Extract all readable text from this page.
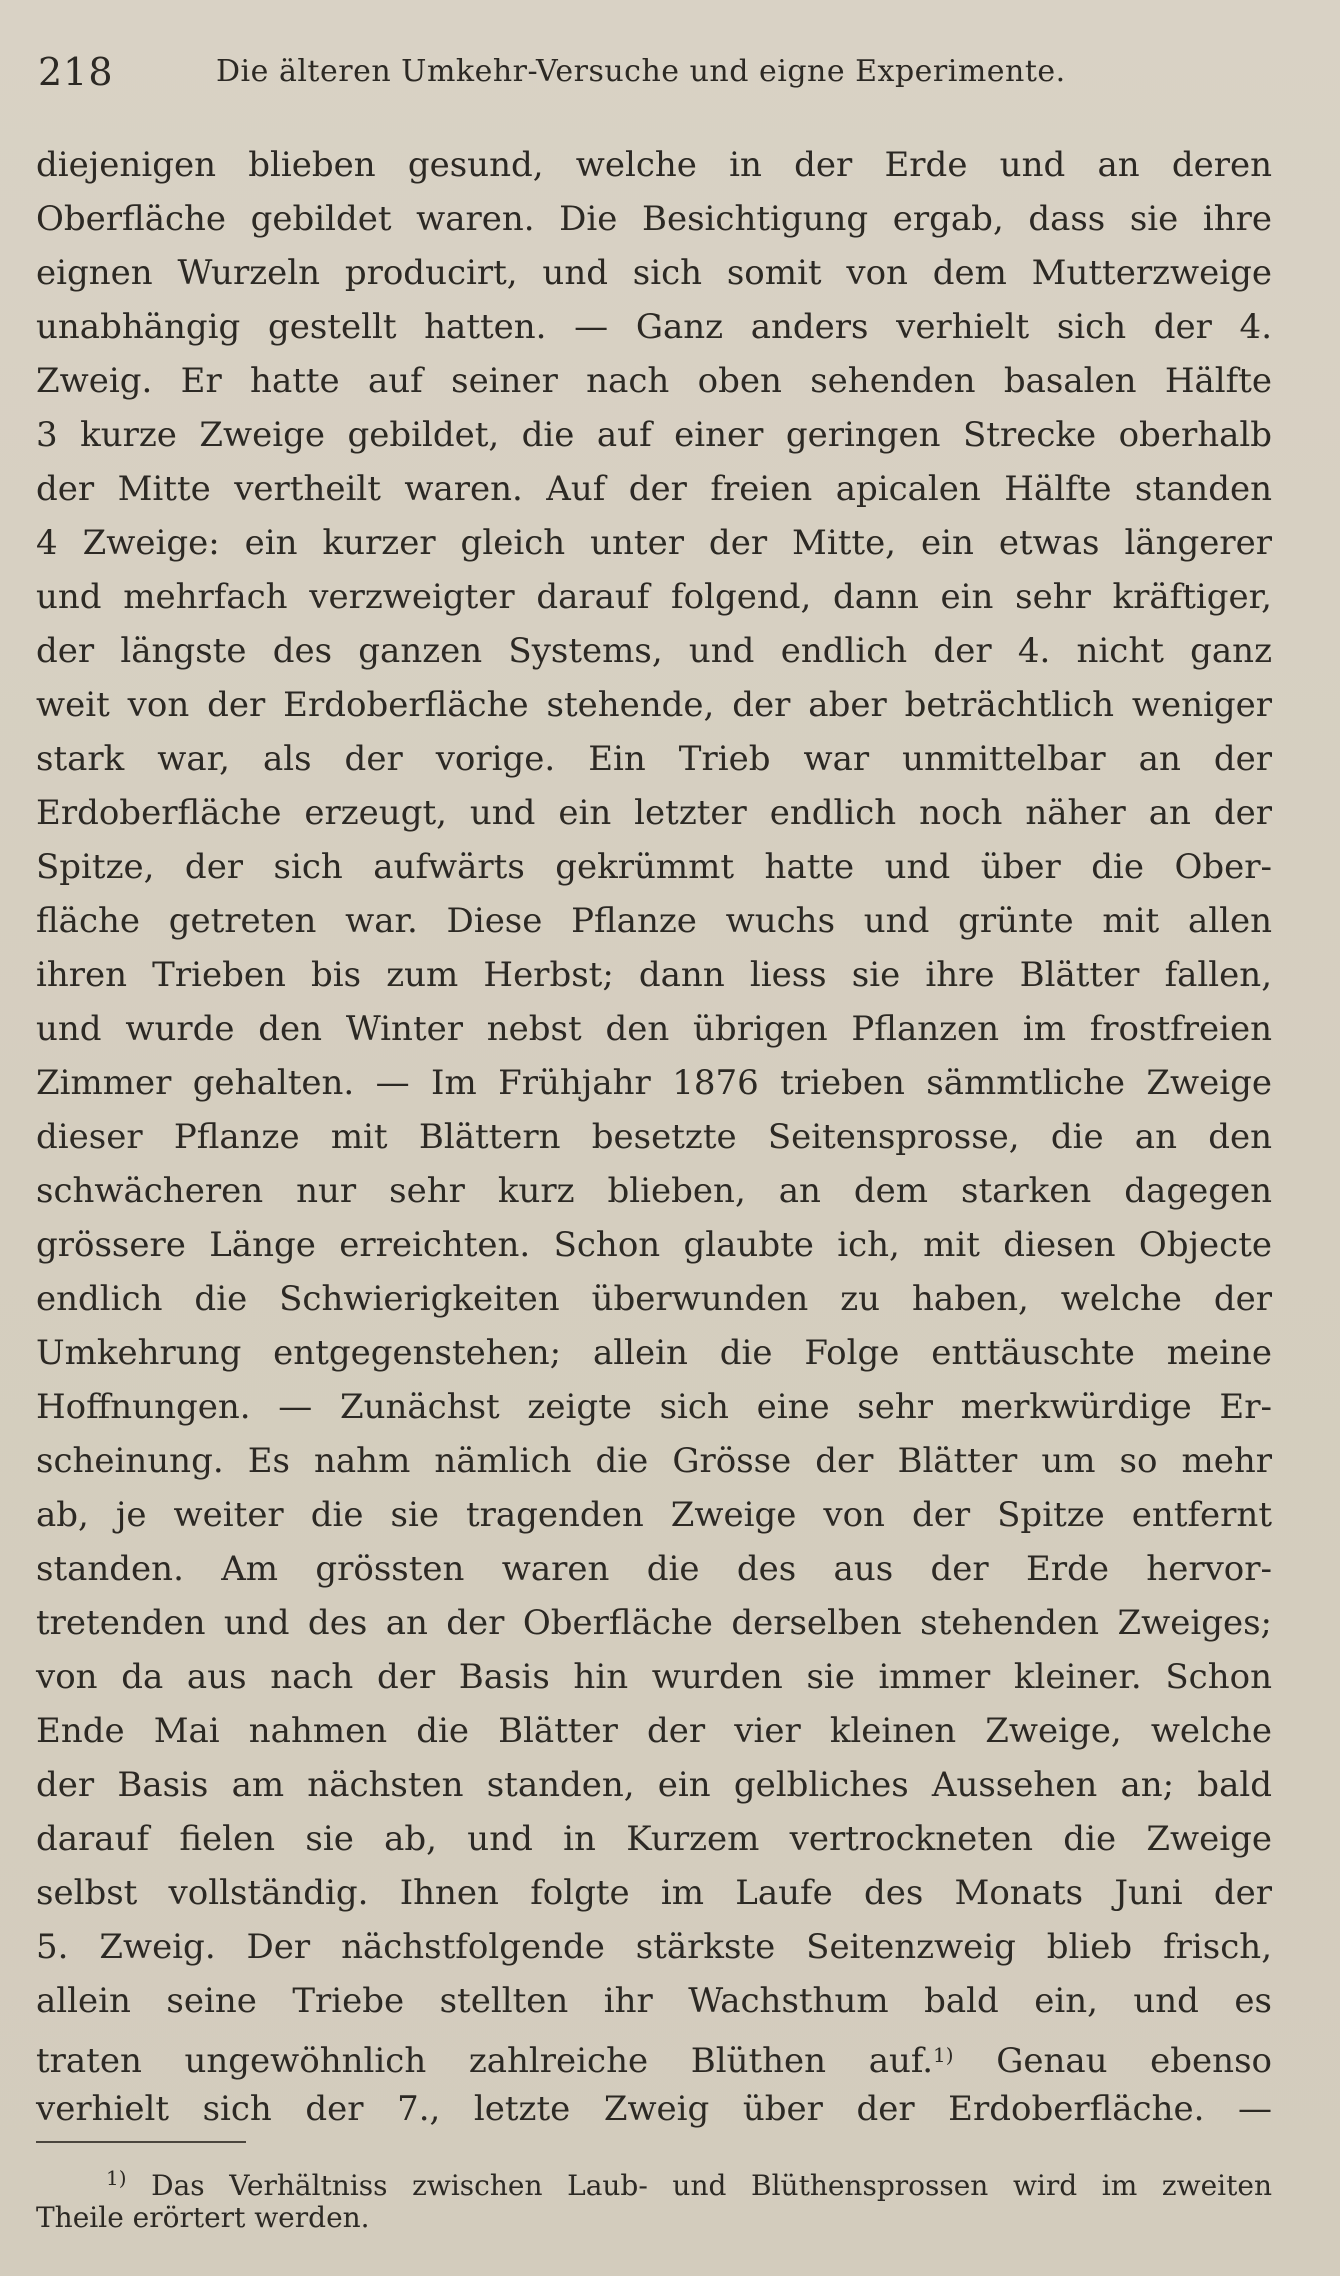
218	Die älteren Umkehr-Versuche und eigne Experimente.
diejenigen blieben gesund, welche in der Erde und an deren
Oberfläche gebildet waren. Die Besichtigung ergab, dass sie ihre
eignen Wurzeln producirt, und sich somit von dem Mutterzweige
unabhängig gestellt hatten. — Ganz anders verhielt sich der 4.
Zweig. Er hatte auf seiner nach oben sehenden basalen Hälfte
3 kurze Zweige gebildet, die auf einer geringen Strecke oberhalb
der Mitte vertheilt waren. Auf der freien apicalen Hälfte standen
4 Zweige: ein kurzer gleich unter der Mitte, ein etwas längerer
und mehrfach verzweigter darauf folgend, dann ein sehr kräftiger,
der längste des ganzen Systems, und endlich der 4. nicht ganz
weit von der Erdoberfläche stehende, der aber beträchtlich weniger
stark war, als der vorige. Ein Trieb war unmittelbar an der
Erdoberfläche erzeugt, und ein letzter endlich noch näher an der
Spitze, der sich aufwärts gekrümmt hatte und über die Ober-
fläche getreten war. Diese Pflanze wuchs und grünte mit allen
ihren Trieben bis zum Herbst; dann liess sie ihre Blätter fallen,
und wurde den Winter nebst den übrigen Pflanzen im frostfreien
Zimmer gehalten. — Im Frühjahr 1876 trieben sämmtliche Zweige
dieser Pflanze mit Blättern besetzte Seitensprosse, die an den
schwächeren nur sehr kurz blieben, an dem starken dagegen
grössere Länge erreichten. Schon glaubte ich, mit diesen Objecte
endlich die Schwierigkeiten überwunden zu haben, welche der
Umkehrung entgegenstehen; allein die Folge enttäuschte meine
Hoffnungen. — Zunächst zeigte sich eine sehr merkwürdige Er-
scheinung. Es nahm nämlich die Grösse der Blätter um so mehr
ab, je weiter die sie tragenden Zweige von der Spitze entfernt
standen. Am grössten waren die des aus der Erde hervor-
tretenden und des an der Oberfläche derselben stehenden Zweiges;
von da aus nach der Basis hin wurden sie immer kleiner. Schon
Ende Mai nahmen die Blätter der vier kleinen Zweige, welche
der Basis am nächsten standen, ein gelbliches Aussehen an; bald
darauf fielen sie ab, und in Kurzem vertrockneten die Zweige
selbst vollständig. Ihnen folgte im Laufe des Monats Juni der
5. Zweig. Der nächstfolgende stärkste Seitenzweig blieb frisch,
allein seine Triebe stellten ihr Wachsthum bald ein, und es
traten ungewöhnlich zahlreiche Blüthen auf.$^{1)}$ Genau ebenso
verhielt sich der 7., letzte Zweig über der Erdoberfläche. —
$^{1)}$ Das Verhältniss zwischen Laub- und Blüthensprossen wird im zweiten
Theile erörtert werden.
